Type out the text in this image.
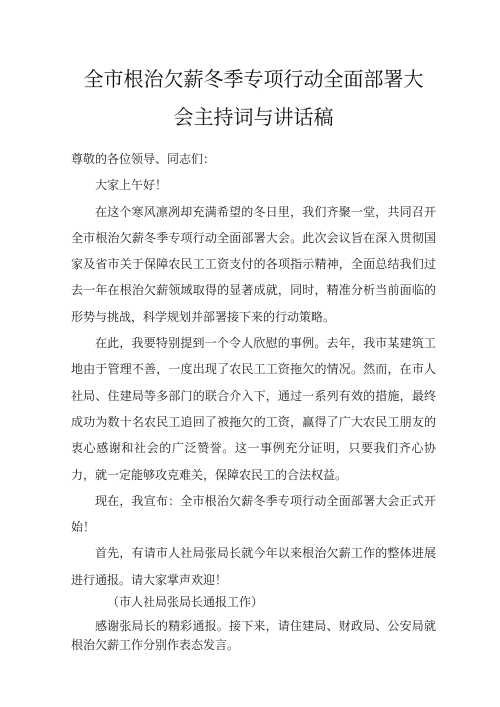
全市根治欠薪冬季专项行动全面部署大
会主持词与讲话稿

尊敬的各位领导、同志们：

大家上午好！

在这个寒风凛冽却充满希望的冬日里，我们齐聚一堂，共同召开全市根治欠薪冬季专项行动全面部署大会。此次会议旨在深入贯彻国家及省市关于保障农民工工资支付的各项指示精神，全面总结我们过去一年在根治欠薪领域取得的显著成就，同时，精准分析当前面临的形势与挑战，科学规划并部署接下来的行动策略。

在此，我要特别提到一个令人欣慰的事例。去年，我市某建筑工地由于管理不善，一度出现了农民工工资拖欠的情况。然而，在市人社局、住建局等多部门的联合介入下，通过一系列有效的措施，最终成功为数十名农民工追回了被拖欠的工资，赢得了广大农民工朋友的衷心感谢和社会的广泛赞誉。这一事例充分证明，只要我们齐心协力，就一定能够攻克难关，保障农民工的合法权益。

现在，我宣布：全市根治欠薪冬季专项行动全面部署大会正式开始！

首先，有请市人社局张局长就今年以来根治欠薪工作的整体进展进行通报。请大家掌声欢迎！

（市人社局张局长通报工作）

感谢张局长的精彩通报。接下来，请住建局、财政局、公安局就根治欠薪工作分别作表态发言。
